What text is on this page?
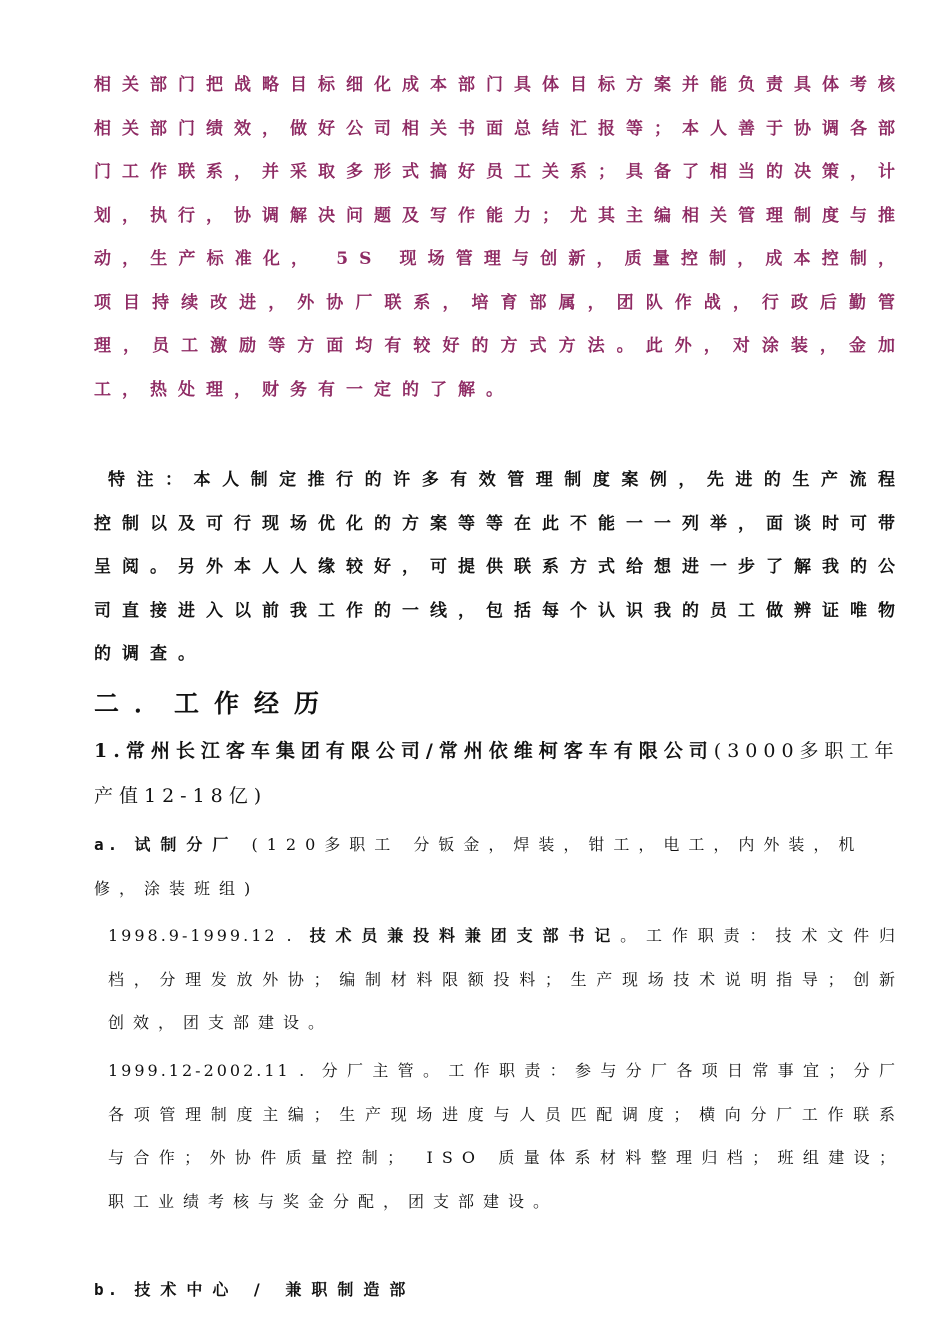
相关部门把战略目标细化成本部门具体目标方案并能负责具体考核相关部门绩效，做好公司相关书面总结汇报等；本人善于协调各部门工作联系，并采取多形式搞好员工关系；具备了相当的决策，计划，执行，协调解决问题及写作能力；尤其主编相关管理制度与推动，生产标准化， 5S 现场管理与创新，质量控制，成本控制，项目持续改进，外协厂联系，培育部属，团队作战，行政后勤管理，员工激励等方面均有较好的方式方法。此外，对涂装，金加工，热处理，财务有一定的了解。

特注：本人制定推行的许多有效管理制度案例，先进的生产流程控制以及可行现场优化的方案等等在此不能一一列举，面谈时可带呈阅。另外本人人缘较好，可提供联系方式给想进一步了解我的公司直接进入以前我工作的一线，包括每个认识我的员工做辨证唯物的调查。

二．工作经历

1.常州长江客车集团有限公司/常州依维柯客车有限公司(3000多职工年产值12-18亿)

a. 试制分厂 (120多职工 分钣金，焊装，钳工，电工，内外装，机修，涂装班组)

1998.9-1999.12 . 技术员兼投料兼团支部书记。工作职责：技术文件归档，分理发放外协；编制材料限额投料；生产现场技术说明指导；创新创效，团支部建设。

1999.12-2002.11 . 分厂主管。工作职责：参与分厂各项日常事宜；分厂各项管理制度主编；生产现场进度与人员匹配调度；横向分厂工作联系与合作；外协件质量控制； ISO 质量体系材料整理归档；班组建设；职工业绩考核与奖金分配，团支部建设。

b. 技术中心 / 兼职制造部
